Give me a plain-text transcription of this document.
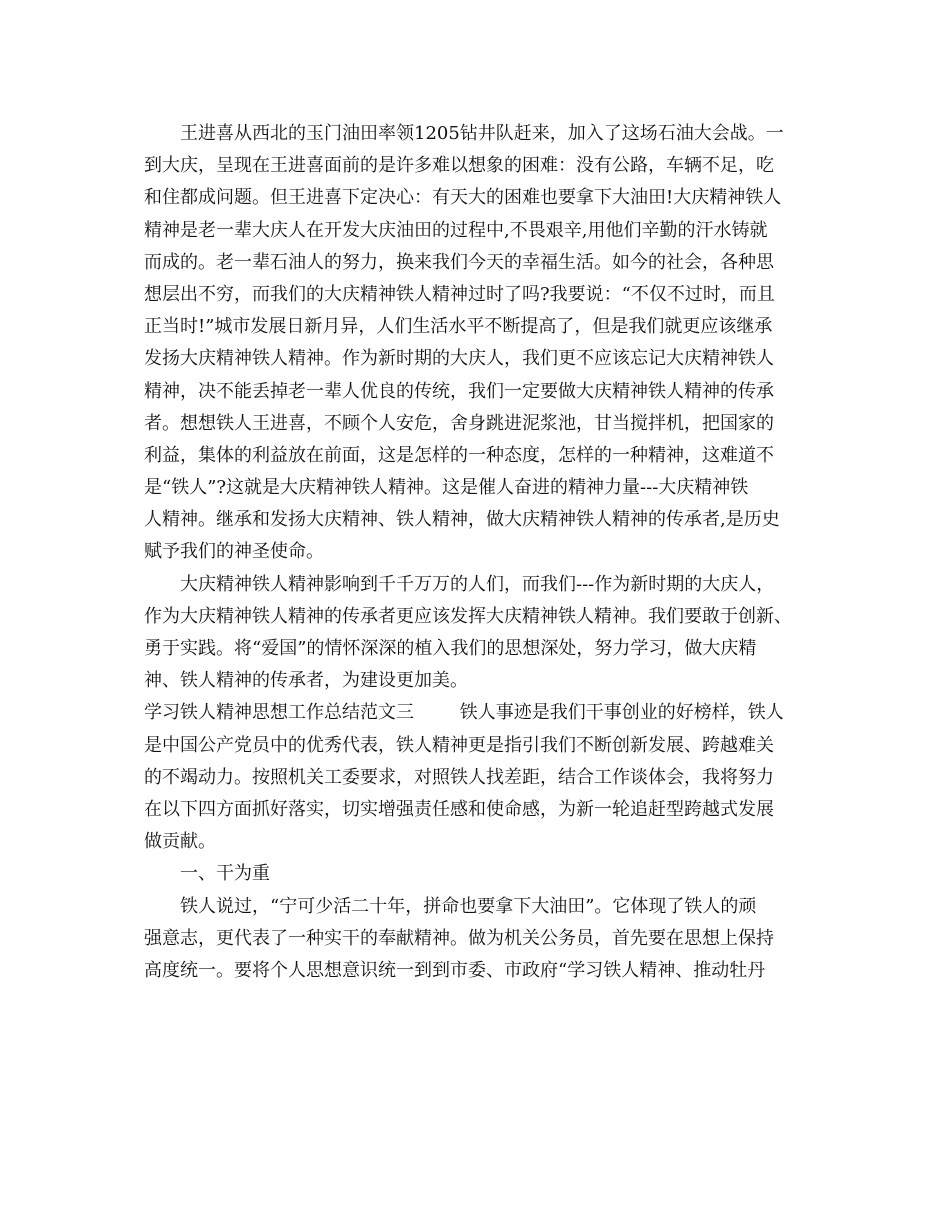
王进喜从西北的玉门油田率领1205钻井队赶来，加入了这场石油大会战。一
到大庆，呈现在王进喜面前的是许多难以想象的困难：没有公路，车辆不足，吃
和住都成问题。但王进喜下定决心：有天大的困难也要拿下大油田!大庆精神铁人
精神是老一辈大庆人在开发大庆油田的过程中,不畏艰辛,用他们辛勤的汗水铸就
而成的。老一辈石油人的努力，换来我们今天的幸福生活。如今的社会，各种思
想层出不穷，而我们的大庆精神铁人精神过时了吗?我要说：“不仅不过时，而且
正当时!”城市发展日新月异，人们生活水平不断提高了，但是我们就更应该继承
发扬大庆精神铁人精神。作为新时期的大庆人，我们更不应该忘记大庆精神铁人
精神，决不能丢掉老一辈人优良的传统，我们一定要做大庆精神铁人精神的传承
者。想想铁人王进喜，不顾个人安危，舍身跳进泥浆池，甘当搅拌机，把国家的
利益，集体的利益放在前面，这是怎样的一种态度，怎样的一种精神，这难道不
是“铁人”?这就是大庆精神铁人精神。这是催人奋进的精神力量---大庆精神铁
人精神。继承和发扬大庆精神、铁人精神，做大庆精神铁人精神的传承者,是历史
赋予我们的神圣使命。
大庆精神铁人精神影响到千千万万的人们，而我们---作为新时期的大庆人，
作为大庆精神铁人精神的传承者更应该发挥大庆精神铁人精神。我们要敢于创新、
勇于实践。将“爱国”的情怀深深的植入我们的思想深处，努力学习，做大庆精
神、铁人精神的传承者，为建设更加美。
学习铁人精神思想工作总结范文三        铁人事迹是我们干事创业的好榜样，铁人
是中国公产党员中的优秀代表，铁人精神更是指引我们不断创新发展、跨越难关
的不竭动力。按照机关工委要求，对照铁人找差距，结合工作谈体会，我将努力
在以下四方面抓好落实，切实增强责任感和使命感，为新一轮追赶型跨越式发展
做贡献。
一、干为重
铁人说过，“宁可少活二十年，拼命也要拿下大油田”。它体现了铁人的顽
强意志，更代表了一种实干的奉献精神。做为机关公务员，首先要在思想上保持
高度统一。要将个人思想意识统一到到市委、市政府“学习铁人精神、推动牡丹
